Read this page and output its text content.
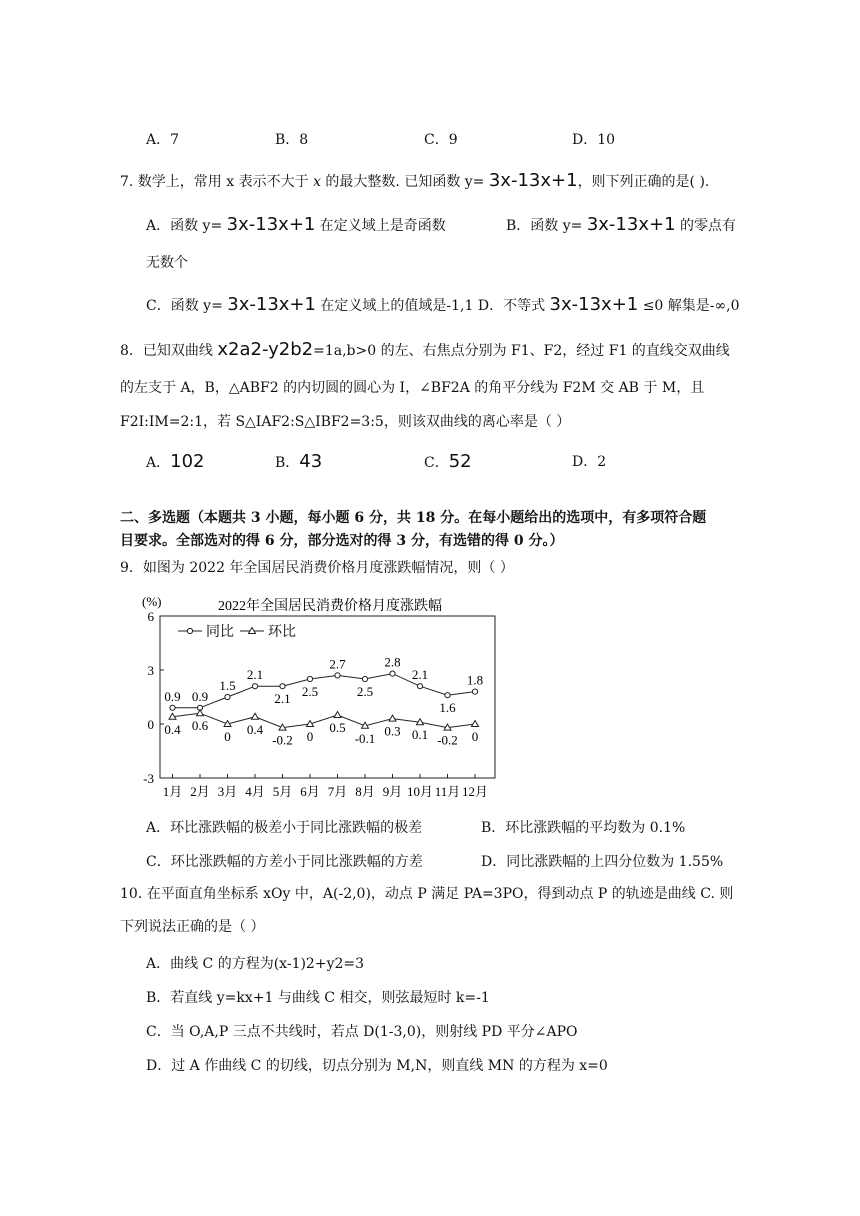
A．7	B．8	C．9	D．10
7. 数学上，常用 x 表示不大于 x 的最大整数. 已知函数 y= 3x-13x+1，则下列正确的是( ).
A．函数 y= 3x-13x+1 在定义域上是奇函数	B．函数 y= 3x-13x+1 的零点有
无数个
C．函数 y= 3x-13x+1 在定义域上的值域是-1,1 D．不等式 3x-13x+1 ≤0 解集是-∞,0
8．已知双曲线 x2a2-y2b2=1a,b>0 的左、右焦点分别为 F1、F2，经过 F1 的直线交双曲线
的左支于 A，B，△ABF2 的内切圆的圆心为 I，∠BF2A 的角平分线为 F2M 交 AB 于 M，且
F2I:IM=2:1，若 S△IAF2:S△IBF2=3:5，则该双曲线的离心率是（ ）
A．102	B．43	C．52	D．2
二、多选题（本题共 3 小题，每小题 6 分，共 18 分。在每小题给出的选项中，有多项符合题
目要求。全部选对的得 6 分，部分选对的得 3 分，有选错的得 0 分。）
9．如图为 2022 年全国居民消费价格月度涨跌幅情况，则（ ）
(%)	2022年全国居民消费价格月度涨跌幅
同比 环比
6
3
0
-3
1月 2月 3月 4月 5月 6月 7月 8月 9月 10月 11月 12月
0.9 0.9
1.5
2.1
2.1 2.5
2.7
2.5
2.8
2.1
1.6
1.8
0.4 0.6
0 0.4
-0.2 0
0.5
-0.1 0.3 0.1 -0.2 0
A．环比涨跌幅的极差小于同比涨跌幅的极差	B．环比涨跌幅的平均数为 0.1%
C．环比涨跌幅的方差小于同比涨跌幅的方差	D．同比涨跌幅的上四分位数为 1.55%
10. 在平面直角坐标系 xOy 中，A(-2,0)，动点 P 满足 PA=3PO，得到动点 P 的轨迹是曲线 C. 则
下列说法正确的是（ ）
A．曲线 C 的方程为(x-1)2+y2=3
B．若直线 y=kx+1 与曲线 C 相交，则弦最短时 k=-1
C．当 O,A,P 三点不共线时，若点 D(1-3,0)，则射线 PD 平分∠APO
D．过 A 作曲线 C 的切线，切点分别为 M,N，则直线 MN 的方程为 x=0
